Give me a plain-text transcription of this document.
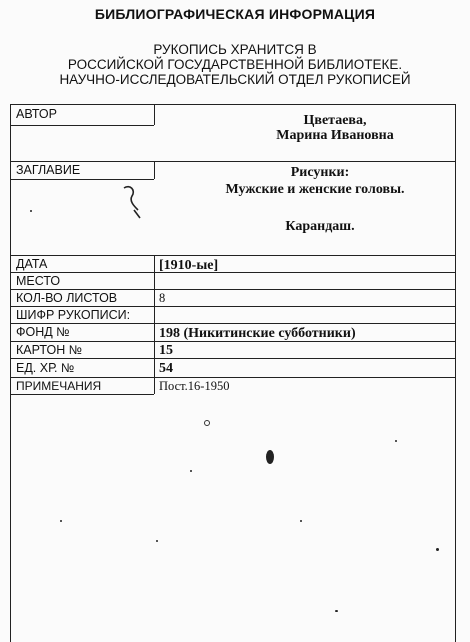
БИБЛИОГРАФИЧЕСКАЯ ИНФОРМАЦИЯ
РУКОПИСЬ ХРАНИТСЯ В
РОССИЙСКОЙ ГОСУДАРСТВЕННОЙ БИБЛИОТЕКЕ.
НАУЧНО-ИССЛЕДОВАТЕЛЬСКИЙ ОТДЕЛ РУКОПИСЕЙ
АВТОР
ЗАГЛАВИЕ
ДАТА
МЕСТО
КОЛ-ВО ЛИСТОВ
ШИФР РУКОПИСИ:
ФОНД №
КАРТОН №
ЕД. ХР. №
ПРИМЕЧАНИЯ
Цветаева,
Марина Ивановна
Рисунки:
Мужские и женские головы.
Карандаш.
[1910-ые]
8
198 (Никитинские субботники)
15
54
Пост.16-1950
